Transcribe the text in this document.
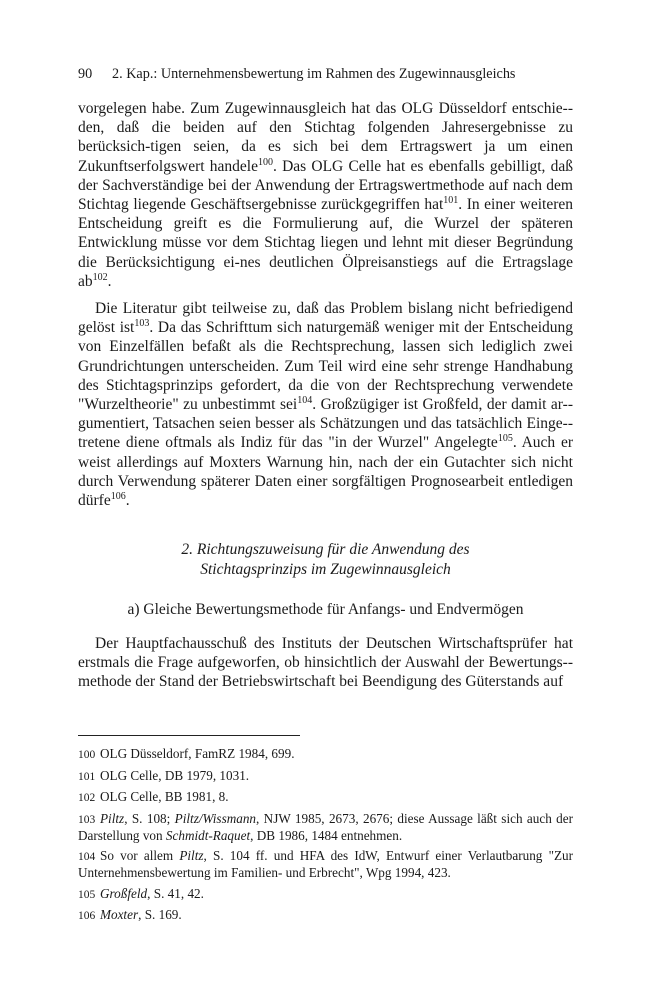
90 2. Kap.: Unternehmensbewertung im Rahmen des Zugewinnausgleichs

vorgelegen habe. Zum Zugewinnausgleich hat das OLG Düsseldorf entschie-den, daß die beiden auf den Stichtag folgenden Jahresergebnisse zu berücksich-tigen seien, da es sich bei dem Ertragswert ja um einen Zukunftserfolgswert handele$^{100}$. Das OLG Celle hat es ebenfalls gebilligt, daß der Sachverständige bei der Anwendung der Ertragswertmethode auf nach dem Stichtag liegende Geschäftsergebnisse zurückgegriffen hat$^{101}$. In einer weiteren Entscheidung greift es die Formulierung auf, die Wurzel der späteren Entwicklung müsse vor dem Stichtag liegen und lehnt mit dieser Begründung die Berücksichtigung ei-nes deutlichen Ölpreisanstiegs auf die Ertragslage $ab^{102}$.

Die Literatur gibt teilweise zu, daß das Problem bislang nicht befriedigend gelöst ist$^{103}$. Da das Schrifttum sich naturgemäß weniger mit der Entscheidung von Einzelfällen befaßt als die Rechtsprechung, lassen sich lediglich zwei Grundrichtungen unterscheiden. Zum Teil wird eine sehr strenge Handhabung des Stichtagsprinzips gefordert, da die von der Rechtsprechung verwendete "Wurzeltheorie" zu unbestimmt sei$^{104}$. Großzügiger ist Großfeld, der damit ar-gumentiert, Tatsachen seien besser als Schätzungen und das tatsächlich Einge-tretene diene oftmals als Indiz für das "in der Wurzel" Angelegte$^{105}$. Auch er weist allerdings auf Moxters Warnung hin, nach der ein Gutachter sich nicht durch Verwendung späterer Daten einer sorgfältigen Prognosearbeit entledigen dürfe$^{106}$.

2. Richtungszuweisung für die Anwendung des
Stichtagsprinzips im Zugewinnausgleich
a) Gleiche Bewertungsmethode für Anfangs- und Endvermögen

Der Hauptfachausschuß des Instituts der Deutschen Wirtschaftsprüfer hat erstmals die Frage aufgeworfen, ob hinsichtlich der Auswahl der Bewertungs-methode der Stand der Betriebswirtschaft bei Beendigung des Güterstands auf

100 OLG Düsseldorf, FamRZ 1984, 699.

101 OLG Celle, DB 1979, 1031.

102 OLG Celle, BB 1981, 8.

103 Piltz, S. 108; Piltz/Wissmann, NJW 1985, 2673, 2676; diese Aussage läßt sich auch der Darstellung von Schmidt-Raquet, DB 1986, 1484 entnehmen.

104 So vor allem Piltz, S. 104 ff. und HFA des IdW, Entwurf einer Verlautbarung "Zur Unternehmensbewertung im Familien- und Erbrecht", Wpg 1994, 423.

105 Großfeld, S. 41, 42.

106 Moxter, S. 169.
